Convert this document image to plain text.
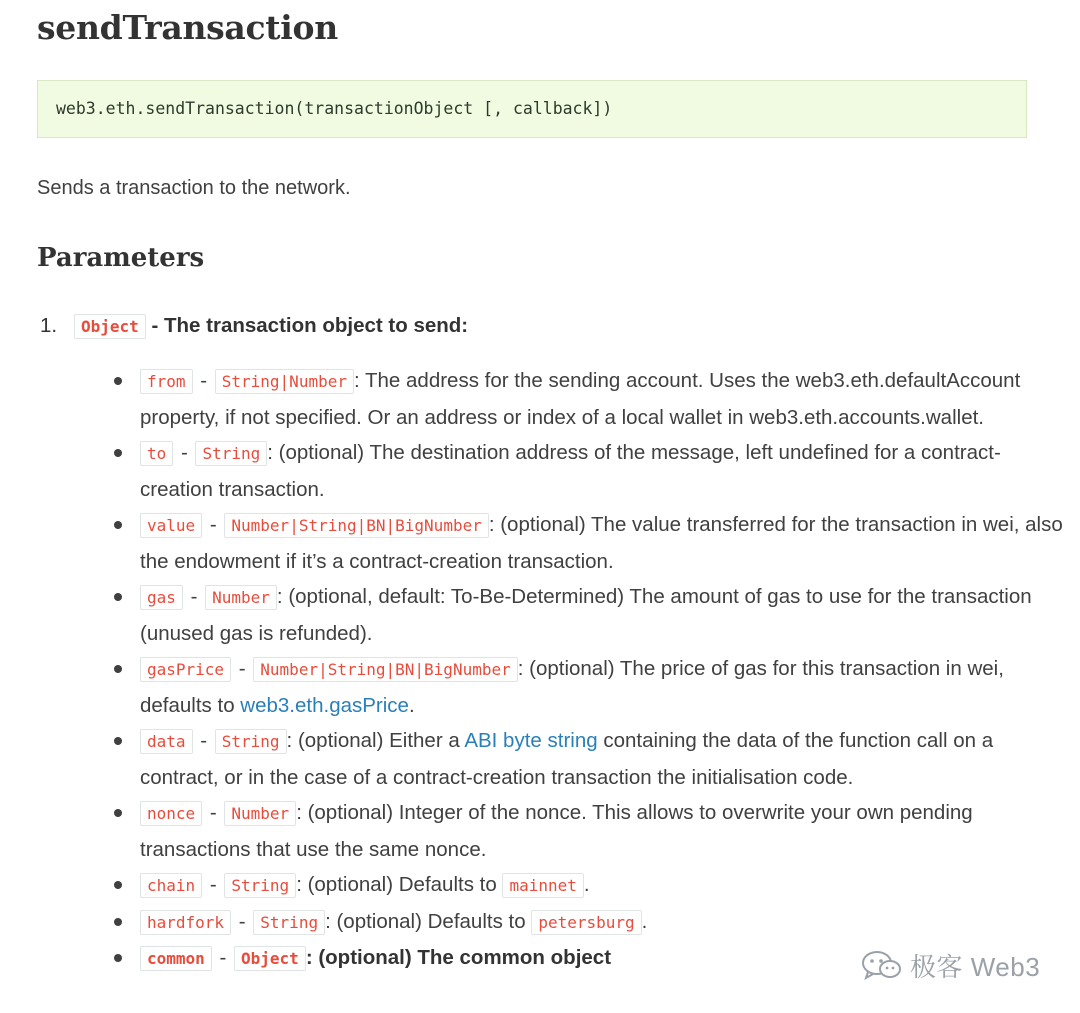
sendTransaction
web3.eth.sendTransaction(transactionObject [, callback])

Sends a transaction to the network.

Parameters
1. Object - The transaction object to send:
from - String|Number : The address for the sending account. Uses the web3.eth.defaultAccount property, if not specified. Or an address or index of a local wallet in web3.eth.accounts.wallet.
to - String : (optional) The destination address of the message, left undefined for a contract-creation transaction.
value - Number|String|BN|BigNumber : (optional) The value transferred for the transaction in wei, also the endowment if it’s a contract-creation transaction.
gas - Number : (optional, default: To-Be-Determined) The amount of gas to use for the transaction (unused gas is refunded).
gasPrice - Number|String|BN|BigNumber : (optional) The price of gas for this transaction in wei, defaults to web3.eth.gasPrice.
data - String : (optional) Either a ABI byte string containing the data of the function call on a contract, or in the case of a contract-creation transaction the initialisation code.
nonce - Number : (optional) Integer of the nonce. This allows to overwrite your own pending transactions that use the same nonce.
chain - String : (optional) Defaults to mainnet .
hardfork - String : (optional) Defaults to petersburg .
common - Object : (optional) The common object	极客 Web3
